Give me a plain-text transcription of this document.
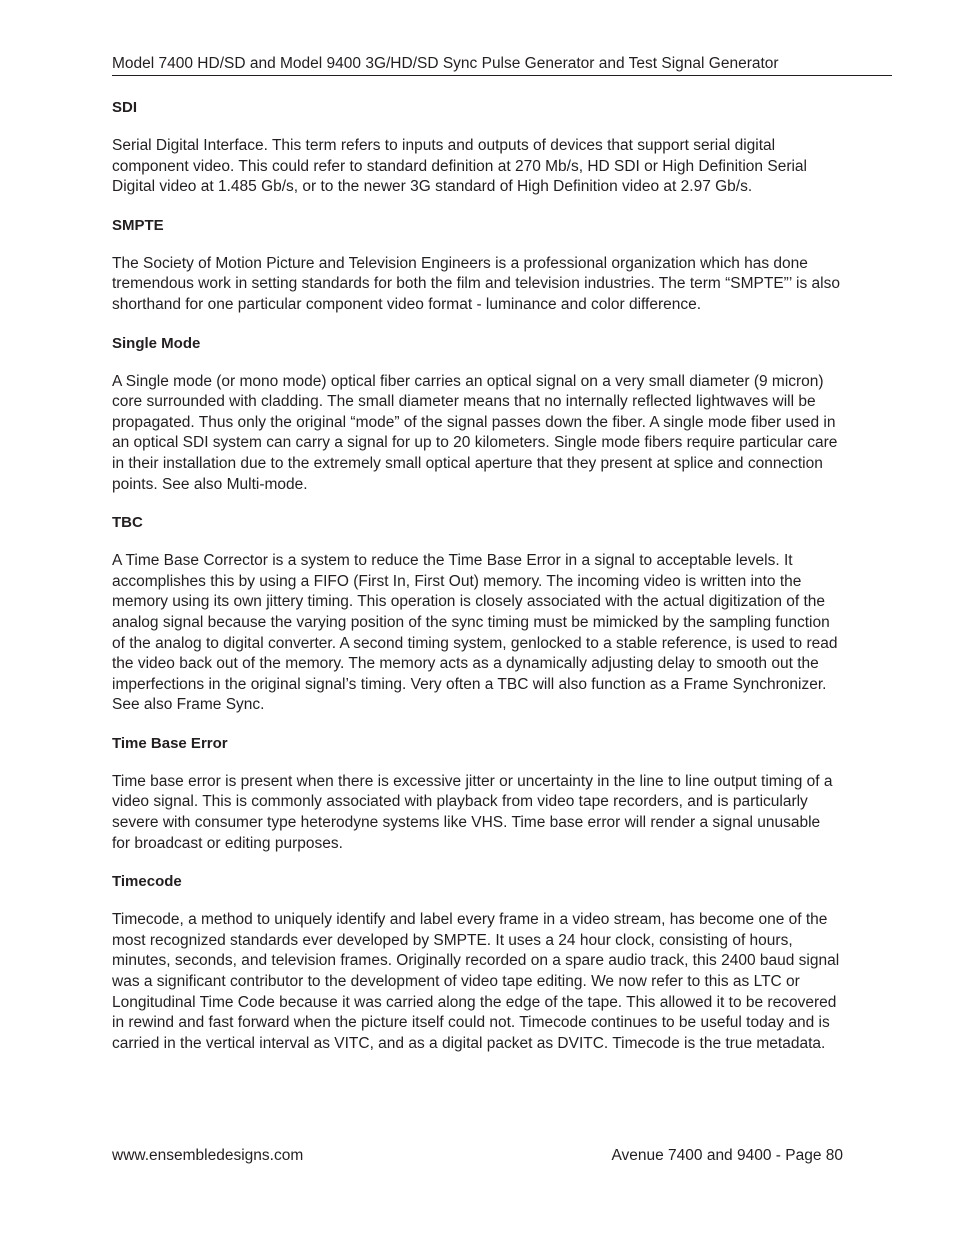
Model 7400 HD/SD and Model 9400 3G/HD/SD Sync Pulse Generator and Test Signal Generator

SDI

Serial Digital Interface. This term refers to inputs and outputs of devices that support serial digital component video. This could refer to standard definition at 270 Mb/s, HD SDI or High Definition Serial Digital video at 1.485 Gb/s, or to the newer 3G standard of High Definition video at 2.97 Gb/s.

SMPTE

The Society of Motion Picture and Television Engineers is a professional organization which has done tremendous work in setting standards for both the film and television industries. The term “SMPTE”’ is also shorthand for one particular component video format - luminance and color difference.

Single Mode

A Single mode (or mono mode) optical fiber carries an optical signal on a very small diameter (9 micron) core surrounded with cladding. The small diameter means that no internally reflected lightwaves will be propagated. Thus only the original “mode” of the signal passes down the fiber. A single mode fiber used in an optical SDI system can carry a signal for up to 20 kilometers. Single mode fibers require particular care in their installation due to the extremely small optical aperture that they present at splice and connection points. See also Multi-mode.

TBC

A Time Base Corrector is a system to reduce the Time Base Error in a signal to acceptable levels. It accomplishes this by using a FIFO (First In, First Out) memory. The incoming video is written into the memory using its own jittery timing. This operation is closely associated with the actual digitization of the analog signal because the varying position of the sync timing must be mimicked by the sampling function of the analog to digital converter. A second timing system, genlocked to a stable reference, is used to read the video back out of the memory. The memory acts as a dynamically adjusting delay to smooth out the imperfections in the original signal’s timing. Very often a TBC will also function as a Frame Synchronizer. See also Frame Sync.

Time Base Error

Time base error is present when there is excessive jitter or uncertainty in the line to line output timing of a video signal. This is commonly associated with playback from video tape recorders, and is particularly severe with consumer type heterodyne systems like VHS. Time base error will render a signal unusable for broadcast or editing purposes.

Timecode

Timecode, a method to uniquely identify and label every frame in a video stream, has become one of the most recognized standards ever developed by SMPTE. It uses a 24 hour clock, consisting of hours, minutes, seconds, and television frames. Originally recorded on a spare audio track, this 2400 baud signal was a significant contributor to the development of video tape editing. We now refer to this as LTC or Longitudinal Time Code because it was carried along the edge of the tape. This allowed it to be recovered in rewind and fast forward when the picture itself could not. Timecode continues to be useful today and is carried in the vertical interval as VITC, and as a digital packet as DVITC. Timecode is the true metadata.

www.ensembledesigns.com	Avenue 7400 and 9400 - Page 80
